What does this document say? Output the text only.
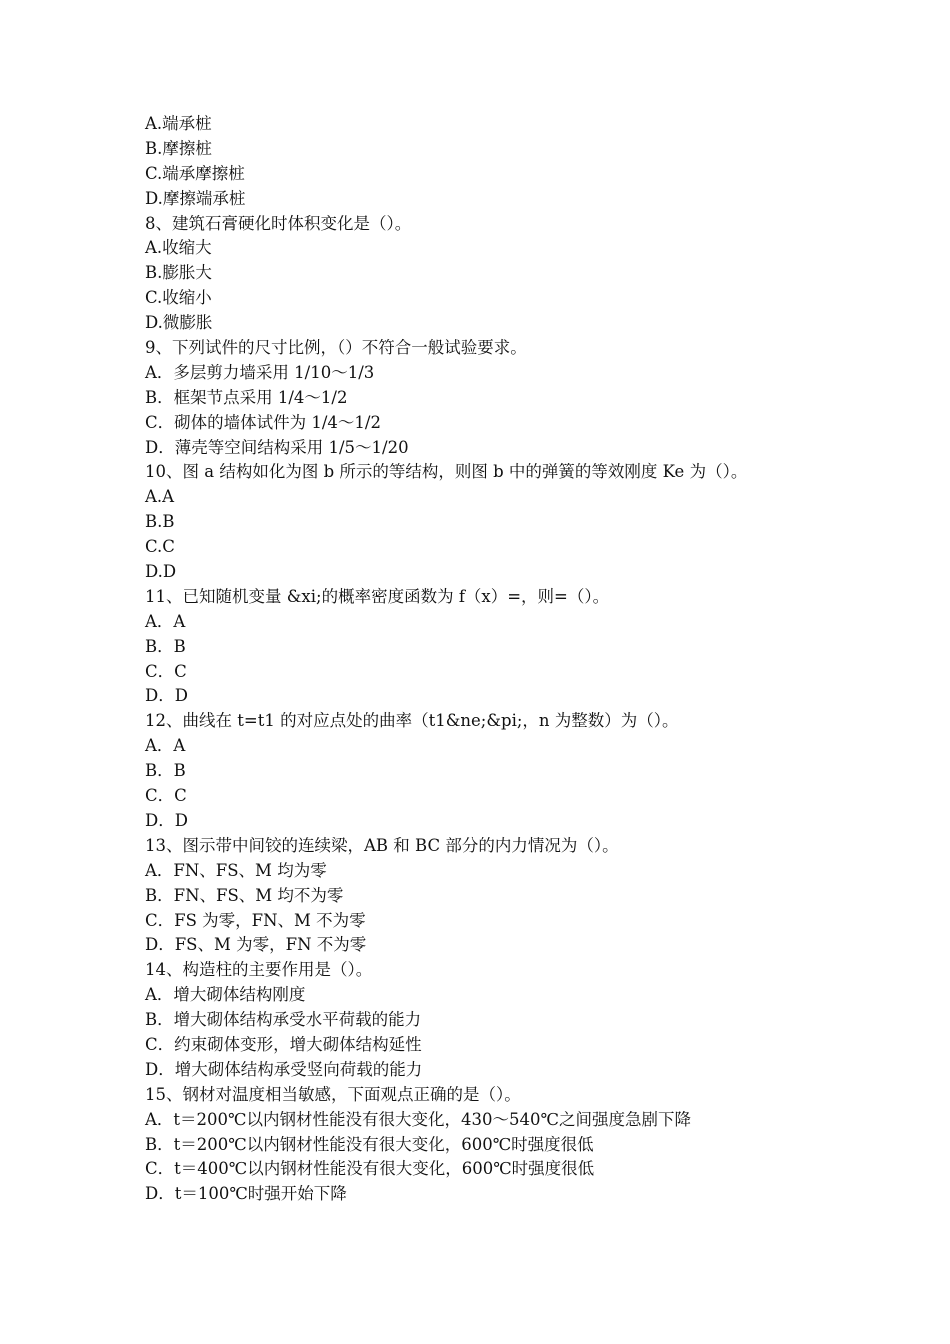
A.端承桩
B.摩擦桩
C.端承摩擦桩
D.摩擦端承桩
8、建筑石膏硬化时体积变化是（）。
A.收缩大
B.膨胀大
C.收缩小
D.微膨胀
9、下列试件的尺寸比例，（）不符合一般试验要求。
A．多层剪力墙采用 1/10～1/3
B．框架节点采用 1/4～1/2
C．砌体的墙体试件为 1/4～1/2
D．薄壳等空间结构采用 1/5～1/20
10、图 a 结构如化为图 b 所示的等结构，则图 b 中的弹簧的等效刚度 Ke 为（）。
A.A
B.B
C.C
D.D
11、已知随机变量 &xi;的概率密度函数为 f（x）=，则=（）。
A．A
B．B
C．C
D．D
12、曲线在 t=t1 的对应点处的曲率（t1&ne;&pi;，n 为整数）为（）。
A．A
B．B
C．C
D．D
13、图示带中间铰的连续梁，AB 和 BC 部分的内力情况为（）。
A．FN、FS、M 均为零
B．FN、FS、M 均不为零
C．FS 为零，FN、M 不为零
D．FS、M 为零，FN 不为零
14、构造柱的主要作用是（）。
A．增大砌体结构刚度
B．增大砌体结构承受水平荷载的能力
C．约束砌体变形，增大砌体结构延性
D．增大砌体结构承受竖向荷载的能力
15、钢材对温度相当敏感，下面观点正确的是（）。
A．t＝200℃以内钢材性能没有很大变化，430～540℃之间强度急剧下降
B．t＝200℃以内钢材性能没有很大变化，600℃时强度很低
C．t＝400℃以内钢材性能没有很大变化，600℃时强度很低
D．t＝100℃时强开始下降
